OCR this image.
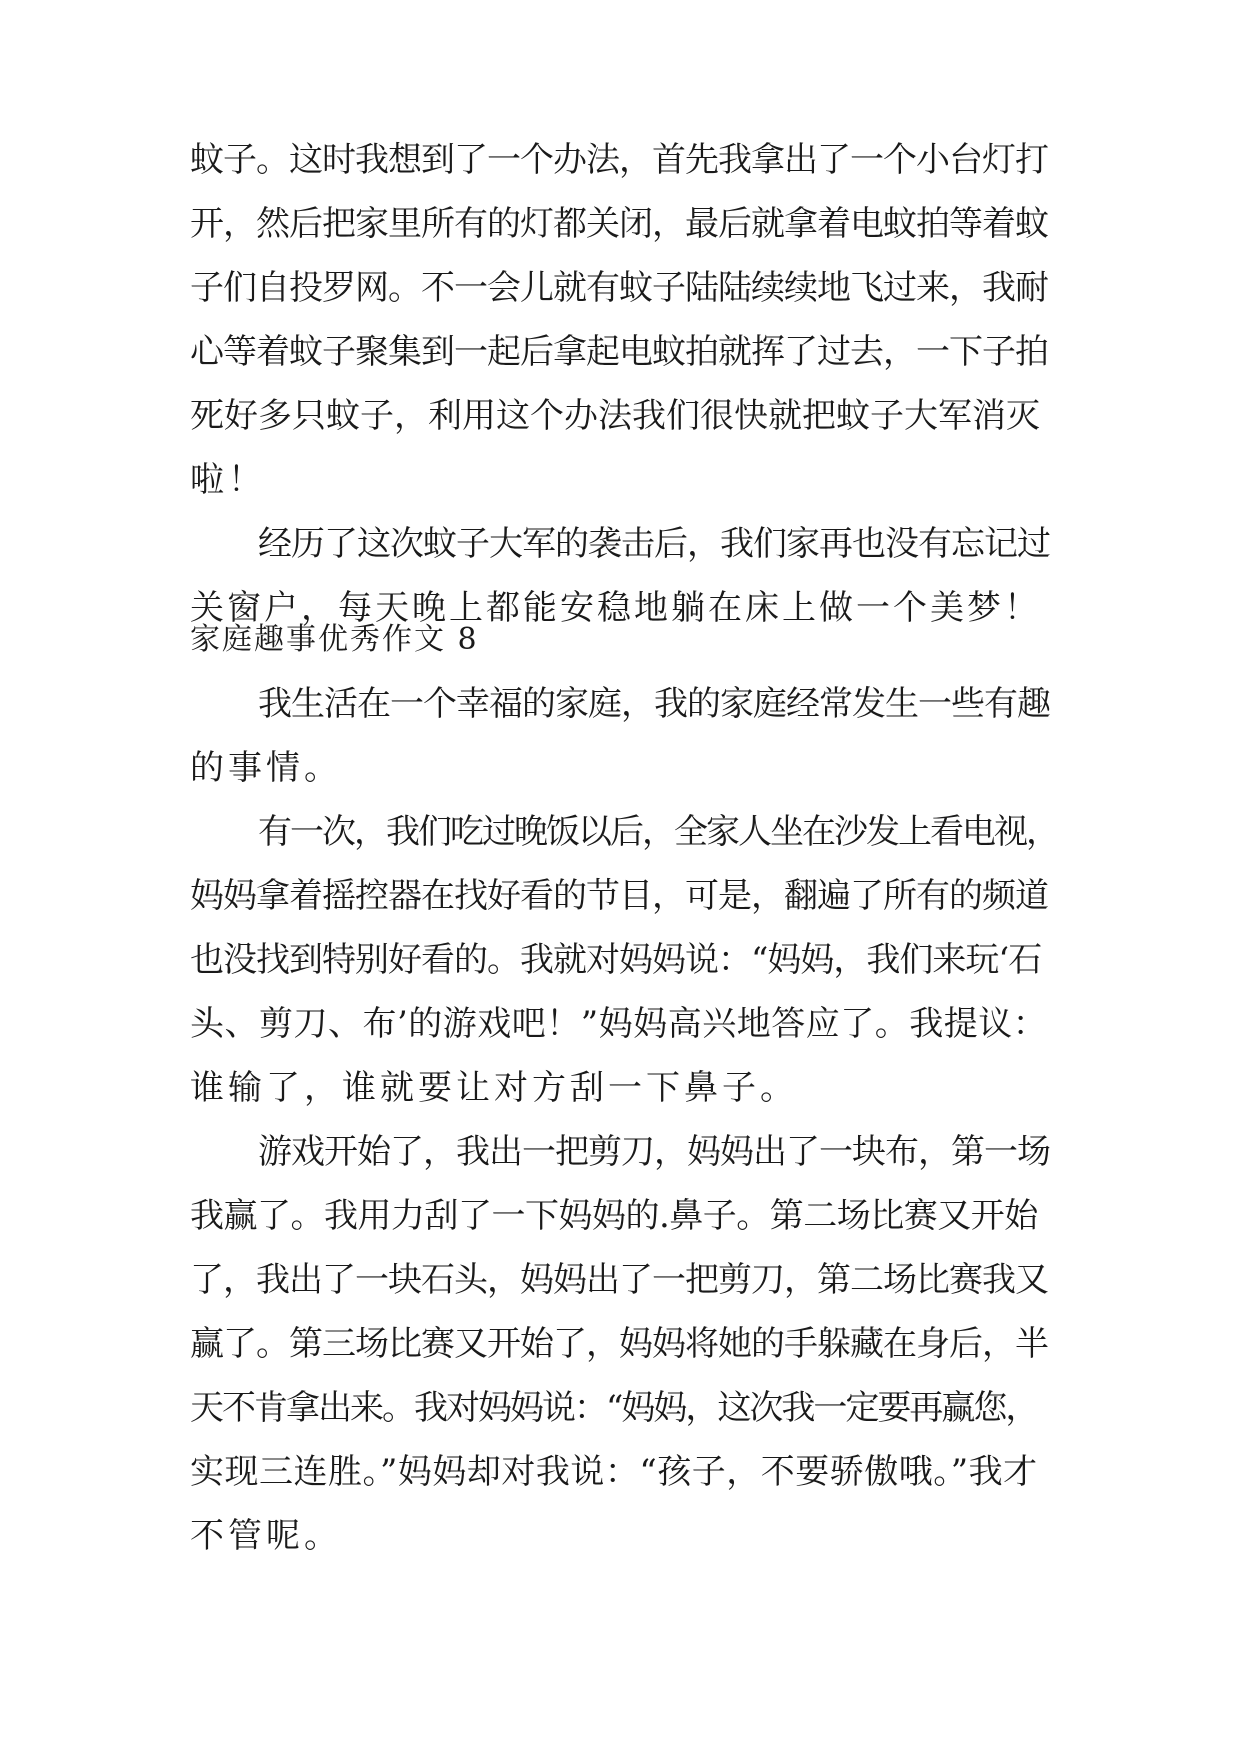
蚊子。这时我想到了一个办法，首先我拿出了一个小台灯打
开，然后把家里所有的灯都关闭，最后就拿着电蚊拍等着蚊
子们自投罗网。不一会儿就有蚊子陆陆续续地飞过来，我耐
心等着蚊子聚集到一起后拿起电蚊拍就挥了过去，一下子拍
死好多只蚊子，利用这个办法我们很快就把蚊子大军消灭
啦！
经历了这次蚊子大军的袭击后，我们家再也没有忘记过
关窗户，每天晚上都能安稳地躺在床上做一个美梦！
家庭趣事优秀作文 8
我生活在一个幸福的家庭，我的家庭经常发生一些有趣
的事情。
有一次，我们吃过晚饭以后，全家人坐在沙发上看电视，
妈妈拿着摇控器在找好看的节目，可是，翻遍了所有的频道
也没找到特别好看的。我就对妈妈说：“妈妈，我们来玩‘石
头、剪刀、布’的游戏吧！”妈妈高兴地答应了。我提议：
谁输了，谁就要让对方刮一下鼻子。
游戏开始了，我出一把剪刀，妈妈出了一块布，第一场
我赢了。我用力刮了一下妈妈的.鼻子。第二场比赛又开始
了，我出了一块石头，妈妈出了一把剪刀，第二场比赛我又
赢了。第三场比赛又开始了，妈妈将她的手躲藏在身后，半
天不肯拿出来。我对妈妈说：“妈妈，这次我一定要再赢您，
实现三连胜。”妈妈却对我说：“孩子，不要骄傲哦。”我才
不管呢。
